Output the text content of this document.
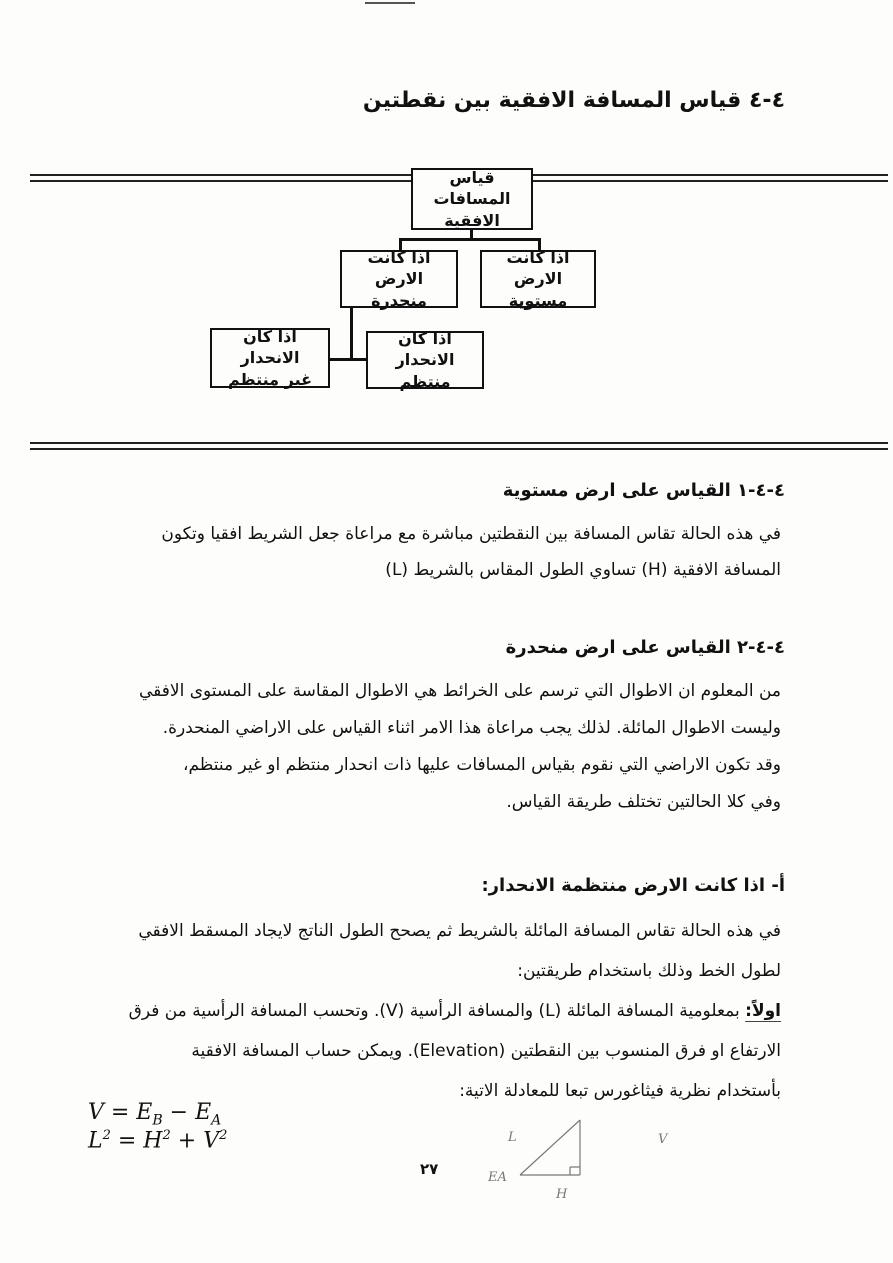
٤-٤ قياس المسافة الافقية بين نقطتين
قياس المسافات
الافقية
اذا كانت
الارض مستوية
اذا كانت
الارض منحدرة
اذا كان الانحدار
منتظم
اذا كان الانحدار
غير منتظم
٤-٤-١ القياس على ارض مستوية

في هذه الحالة تقاس المسافة بين النقطتين مباشرة مع مراعاة جعل الشريط افقيا وتكون

المسافة الافقية (H) تساوي الطول المقاس بالشريط (L)

٤-٤-٢ القياس على ارض منحدرة

من المعلوم ان الاطوال التي ترسم على الخرائط هي الاطوال المقاسة على المستوى الافقي

وليست الاطوال المائلة. لذلك يجب مراعاة هذا الامر اثناء القياس على الاراضي المنحدرة.

وقد تكون الاراضي التي نقوم بقياس المسافات عليها ذات انحدار منتظم او غير منتظم،

وفي كلا الحالتين تختلف طريقة القياس.

أ- اذا كانت الارض منتظمة الانحدار:

في هذه الحالة تقاس المسافة المائلة بالشريط ثم يصحح الطول الناتج لايجاد المسقط الافقي

لطول الخط وذلك باستخدام طريقتين:

اولاً: بمعلومية المسافة المائلة (L) والمسافة الرأسية (V). وتحسب المسافة الرأسية من فرق

الارتفاع او فرق المنسوب بين النقطتين (Elevation). ويمكن حساب المسافة الافقية

بأستخدام نظرية فيثاغورس تبعا للمعادلة الاتية:

$V = E_B - E_A$
$L^2 = H^2 + V^2$	L
H
EA
V
٢٧
